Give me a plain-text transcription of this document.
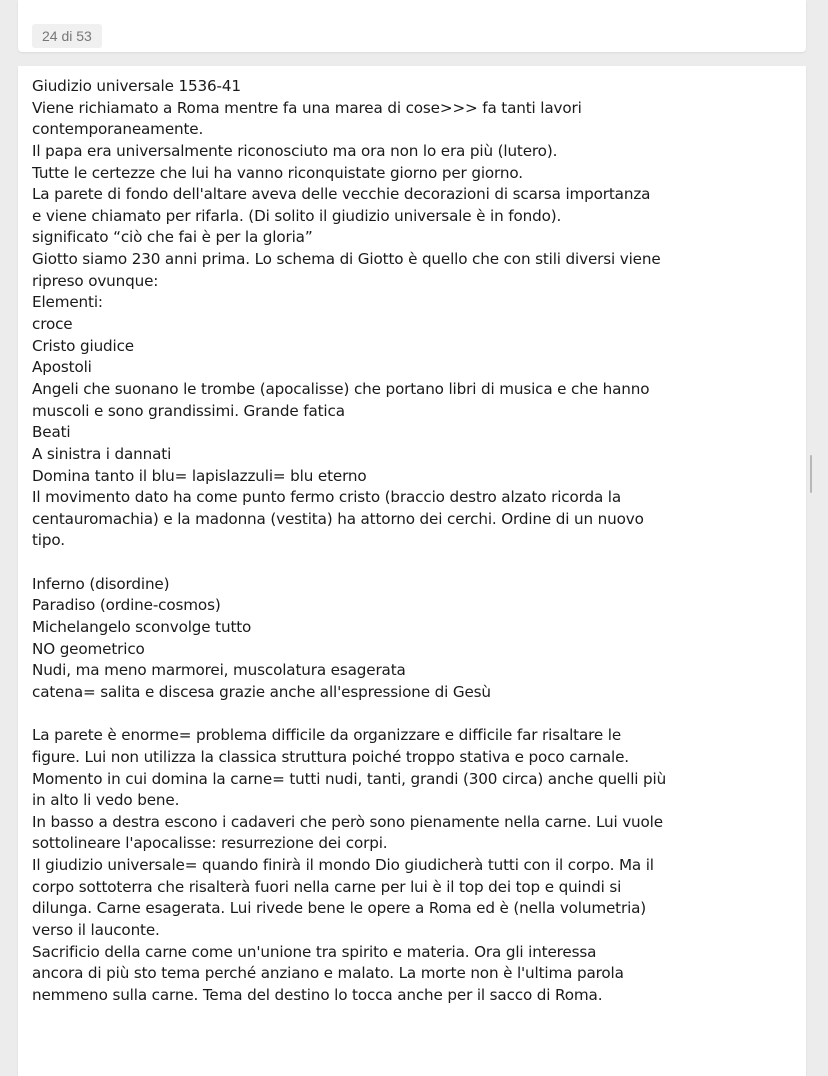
24 di 53
Giudizio universale 1536-41
Viene richiamato a Roma mentre fa una marea di cose>>> fa tanti lavori
contemporaneamente.
Il papa era universalmente riconosciuto ma ora non lo era più (lutero).
Tutte le certezze che lui ha vanno riconquistate giorno per giorno.
La parete di fondo dell'altare aveva delle vecchie decorazioni di scarsa importanza
e viene chiamato per rifarla. (Di solito il giudizio universale è in fondo).
significato “ciò che fai è per la gloria”
Giotto siamo 230 anni prima. Lo schema di Giotto è quello che con stili diversi viene
ripreso ovunque:
Elementi:
croce
Cristo giudice
Apostoli
Angeli che suonano le trombe (apocalisse) che portano libri di musica e che hanno
muscoli e sono grandissimi. Grande fatica
Beati
A sinistra i dannati
Domina tanto il blu= lapislazzuli= blu eterno
Il movimento dato ha come punto fermo cristo (braccio destro alzato ricorda la
centauromachia) e la madonna (vestita) ha attorno dei cerchi. Ordine di un nuovo
tipo.
Inferno (disordine)
Paradiso (ordine-cosmos)
Michelangelo sconvolge tutto
NO geometrico
Nudi, ma meno marmorei, muscolatura esagerata
catena= salita e discesa grazie anche all'espressione di Gesù
La parete è enorme= problema difficile da organizzare e difficile far risaltare le
figure. Lui non utilizza la classica struttura poiché troppo stativa e poco carnale.
Momento in cui domina la carne= tutti nudi, tanti, grandi (300 circa) anche quelli più
in alto li vedo bene.
In basso a destra escono i cadaveri che però sono pienamente nella carne. Lui vuole
sottolineare l'apocalisse: resurrezione dei corpi.
Il giudizio universale= quando finirà il mondo Dio giudicherà tutti con il corpo. Ma il
corpo sottoterra che risalterà fuori nella carne per lui è il top dei top e quindi si
dilunga. Carne esagerata. Lui rivede bene le opere a Roma ed è (nella volumetria)
verso il lauconte.
Sacrificio della carne come un'unione tra spirito e materia. Ora gli interessa
ancora di più sto tema perché anziano e malato. La morte non è l'ultima parola
nemmeno sulla carne. Tema del destino lo tocca anche per il sacco di Roma.
